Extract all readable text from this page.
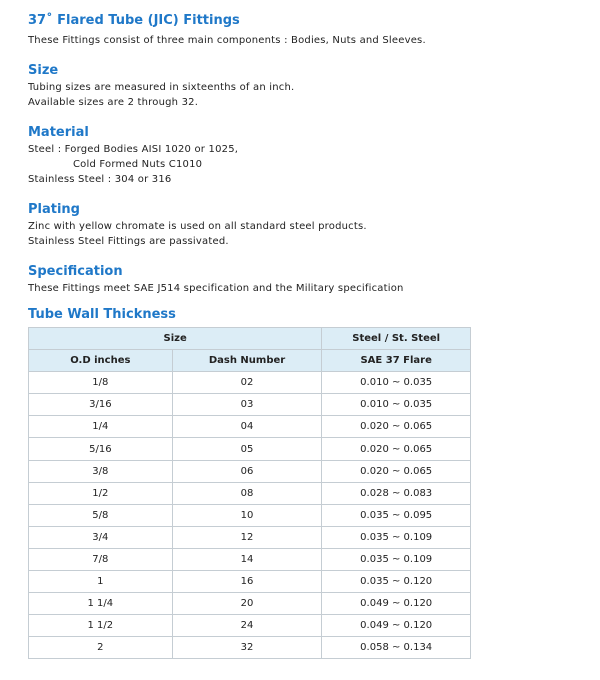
37˚ Flared Tube (JIC) Fittings
These Fittings consist of three main components : Bodies, Nuts and Sleeves.
Size
Tubing sizes are measured in sixteenths of an inch.
Available sizes are 2 through 32.
Material
Steel : Forged Bodies AISI 1020 or 1025,
Cold Formed Nuts C1010
Stainless Steel : 304 or 316
Plating
Zinc with yellow chromate is used on all standard steel products.
Stainless Steel Fittings are passivated.
Specification
These Fittings meet SAE J514 specification and the Military specification
Tube Wall Thickness
Size		Steel / St. Steel
O.D inches	Dash Number	SAE 37 Flare
1/8	02	0.010 ~ 0.035
3/16	03	0.010 ~ 0.035
1/4	04	0.020 ~ 0.065
5/16	05	0.020 ~ 0.065
3/8	06	0.020 ~ 0.065
1/2	08	0.028 ~ 0.083
5/8	10	0.035 ~ 0.095
3/4	12	0.035 ~ 0.109
7/8	14	0.035 ~ 0.109
1	16	0.035 ~ 0.120
1 1/4	20	0.049 ~ 0.120
1 1/2	24	0.049 ~ 0.120
2	32	0.058 ~ 0.134
